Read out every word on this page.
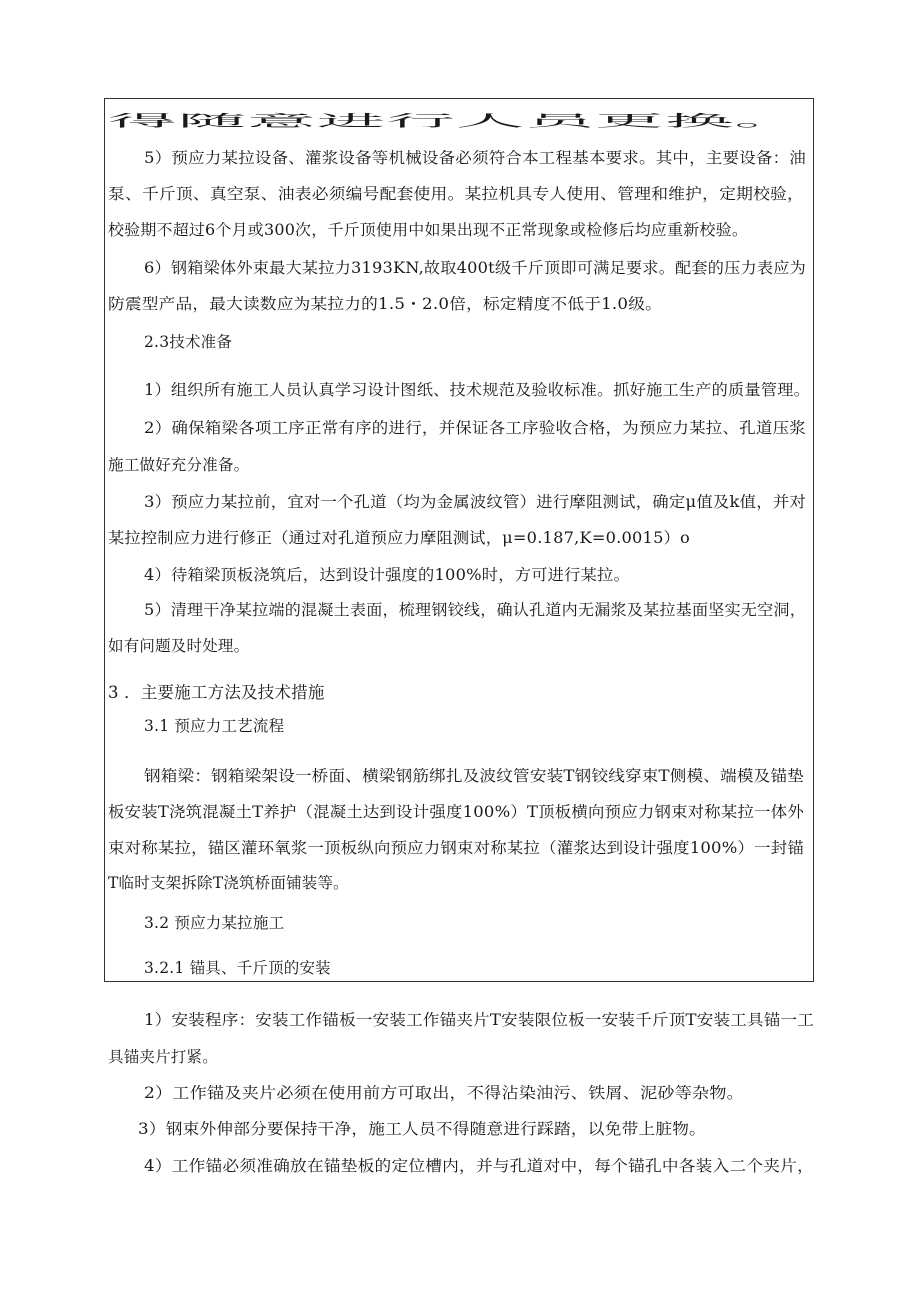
得随意进行人员更换。
5）预应力某拉设备、灌浆设备等机械设备必须符合本工程基本要求。其中，主要设备：油
泵、千斤顶、真空泵、油表必须编号配套使用。某拉机具专人使用、管理和维护，定期校验，
校验期不超过6个月或300次，千斤顶使用中如果出现不正常现象或检修后均应重新校验。
6）钢箱梁体外束最大某拉力3193KN,故取400t级千斤顶即可满足要求。配套的压力表应为
防震型产品，最大读数应为某拉力的1.5・2.0倍，标定精度不低于1.0级。
2.3技术准备
1）组织所有施工人员认真学习设计图纸、技术规范及验收标准。抓好施工生产的质量管理。
2）确保箱梁各项工序正常有序的进行，并保证各工序验收合格，为预应力某拉、孔道压浆
施工做好充分准备。
3）预应力某拉前，宜对一个孔道（均为金属波纹管）进行摩阻测试，确定μ值及k值，并对
某拉控制应力进行修正（通过对孔道预应力摩阻测试，μ=0.187,K=0.0015）o
4）待箱梁顶板浇筑后，达到设计强度的100%时，方可进行某拉。
5）清理干净某拉端的混凝土表面，梳理钢铰线，确认孔道内无漏浆及某拉基面坚实无空洞，
如有问题及时处理。
3 ．主要施工方法及技术措施
3.1 预应力工艺流程
钢箱梁：钢箱梁架设一桥面、横梁钢筋绑扎及波纹管安装T钢铰线穿束T侧模、端模及锚垫
板安装T浇筑混凝土T养护（混凝土达到设计强度100%）T顶板横向预应力钢束对称某拉一体外
束对称某拉，锚区灌环氧浆一顶板纵向预应力钢束对称某拉（灌浆达到设计强度100%）一封锚
T临时支架拆除T浇筑桥面铺装等。
3.2 预应力某拉施工
3.2.1 锚具、千斤顶的安装
1）安装程序：安装工作锚板一安装工作锚夹片T安装限位板一安装千斤顶T安装工具锚一工
具锚夹片打紧。
2）工作锚及夹片必须在使用前方可取出，不得沾染油污、铁屑、泥砂等杂物。
3）钢束外伸部分要保持干净，施工人员不得随意进行踩踏，以免带上脏物。
4）工作锚必须准确放在锚垫板的定位槽内，并与孔道对中，每个锚孔中各装入二个夹片，
